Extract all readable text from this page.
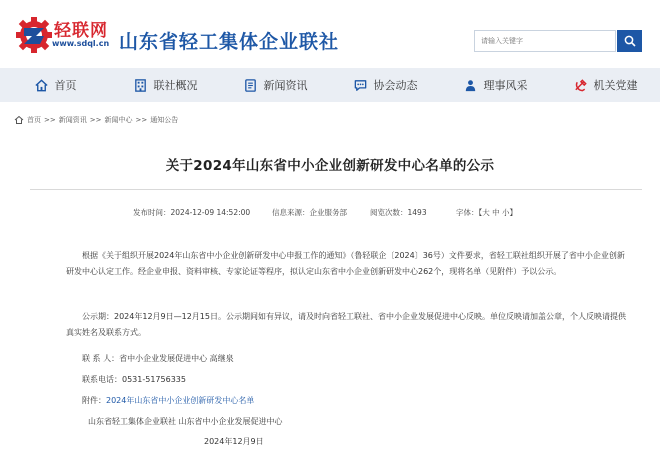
轻联网
www.sdql.cn 山东省轻工集体企业联社
请输入关键字
首页	联社概况	新闻资讯	协会动态	理事风采	机关党建
首页 >> 新闻资讯 >> 新闻中心 >> 通知公告
关于2024年山东省中小企业创新研发中心名单的公示
发布时间：2024-12-09 14:52:00	信息来源：企业服务部	阅览次数：1493	字体：【大 中 小】

根据《关于组织开展2024年山东省中小企业创新研发中心申报工作的通知》（鲁轻联企〔2024〕36号）文件要求，省轻工联社组织开展了省中小企业创新研发中心认定工作。经企业申报、资料审核、专家论证等程序，拟认定山东省中小企业创新研发中心262个，现将名单（见附件）予以公示。

公示期：2024年12月9日—12月15日。公示期间如有异议，请及时向省轻工联社、省中小企业发展促进中心反映。单位反映请加盖公章，个人反映请提供真实姓名及联系方式。

联 系 人：省中小企业发展促进中心 高继泉
联系电话：0531-51756335
附件：2024年山东省中小企业创新研发中心名单
山东省轻工集体企业联社 山东省中小企业发展促进中心
2024年12月9日
